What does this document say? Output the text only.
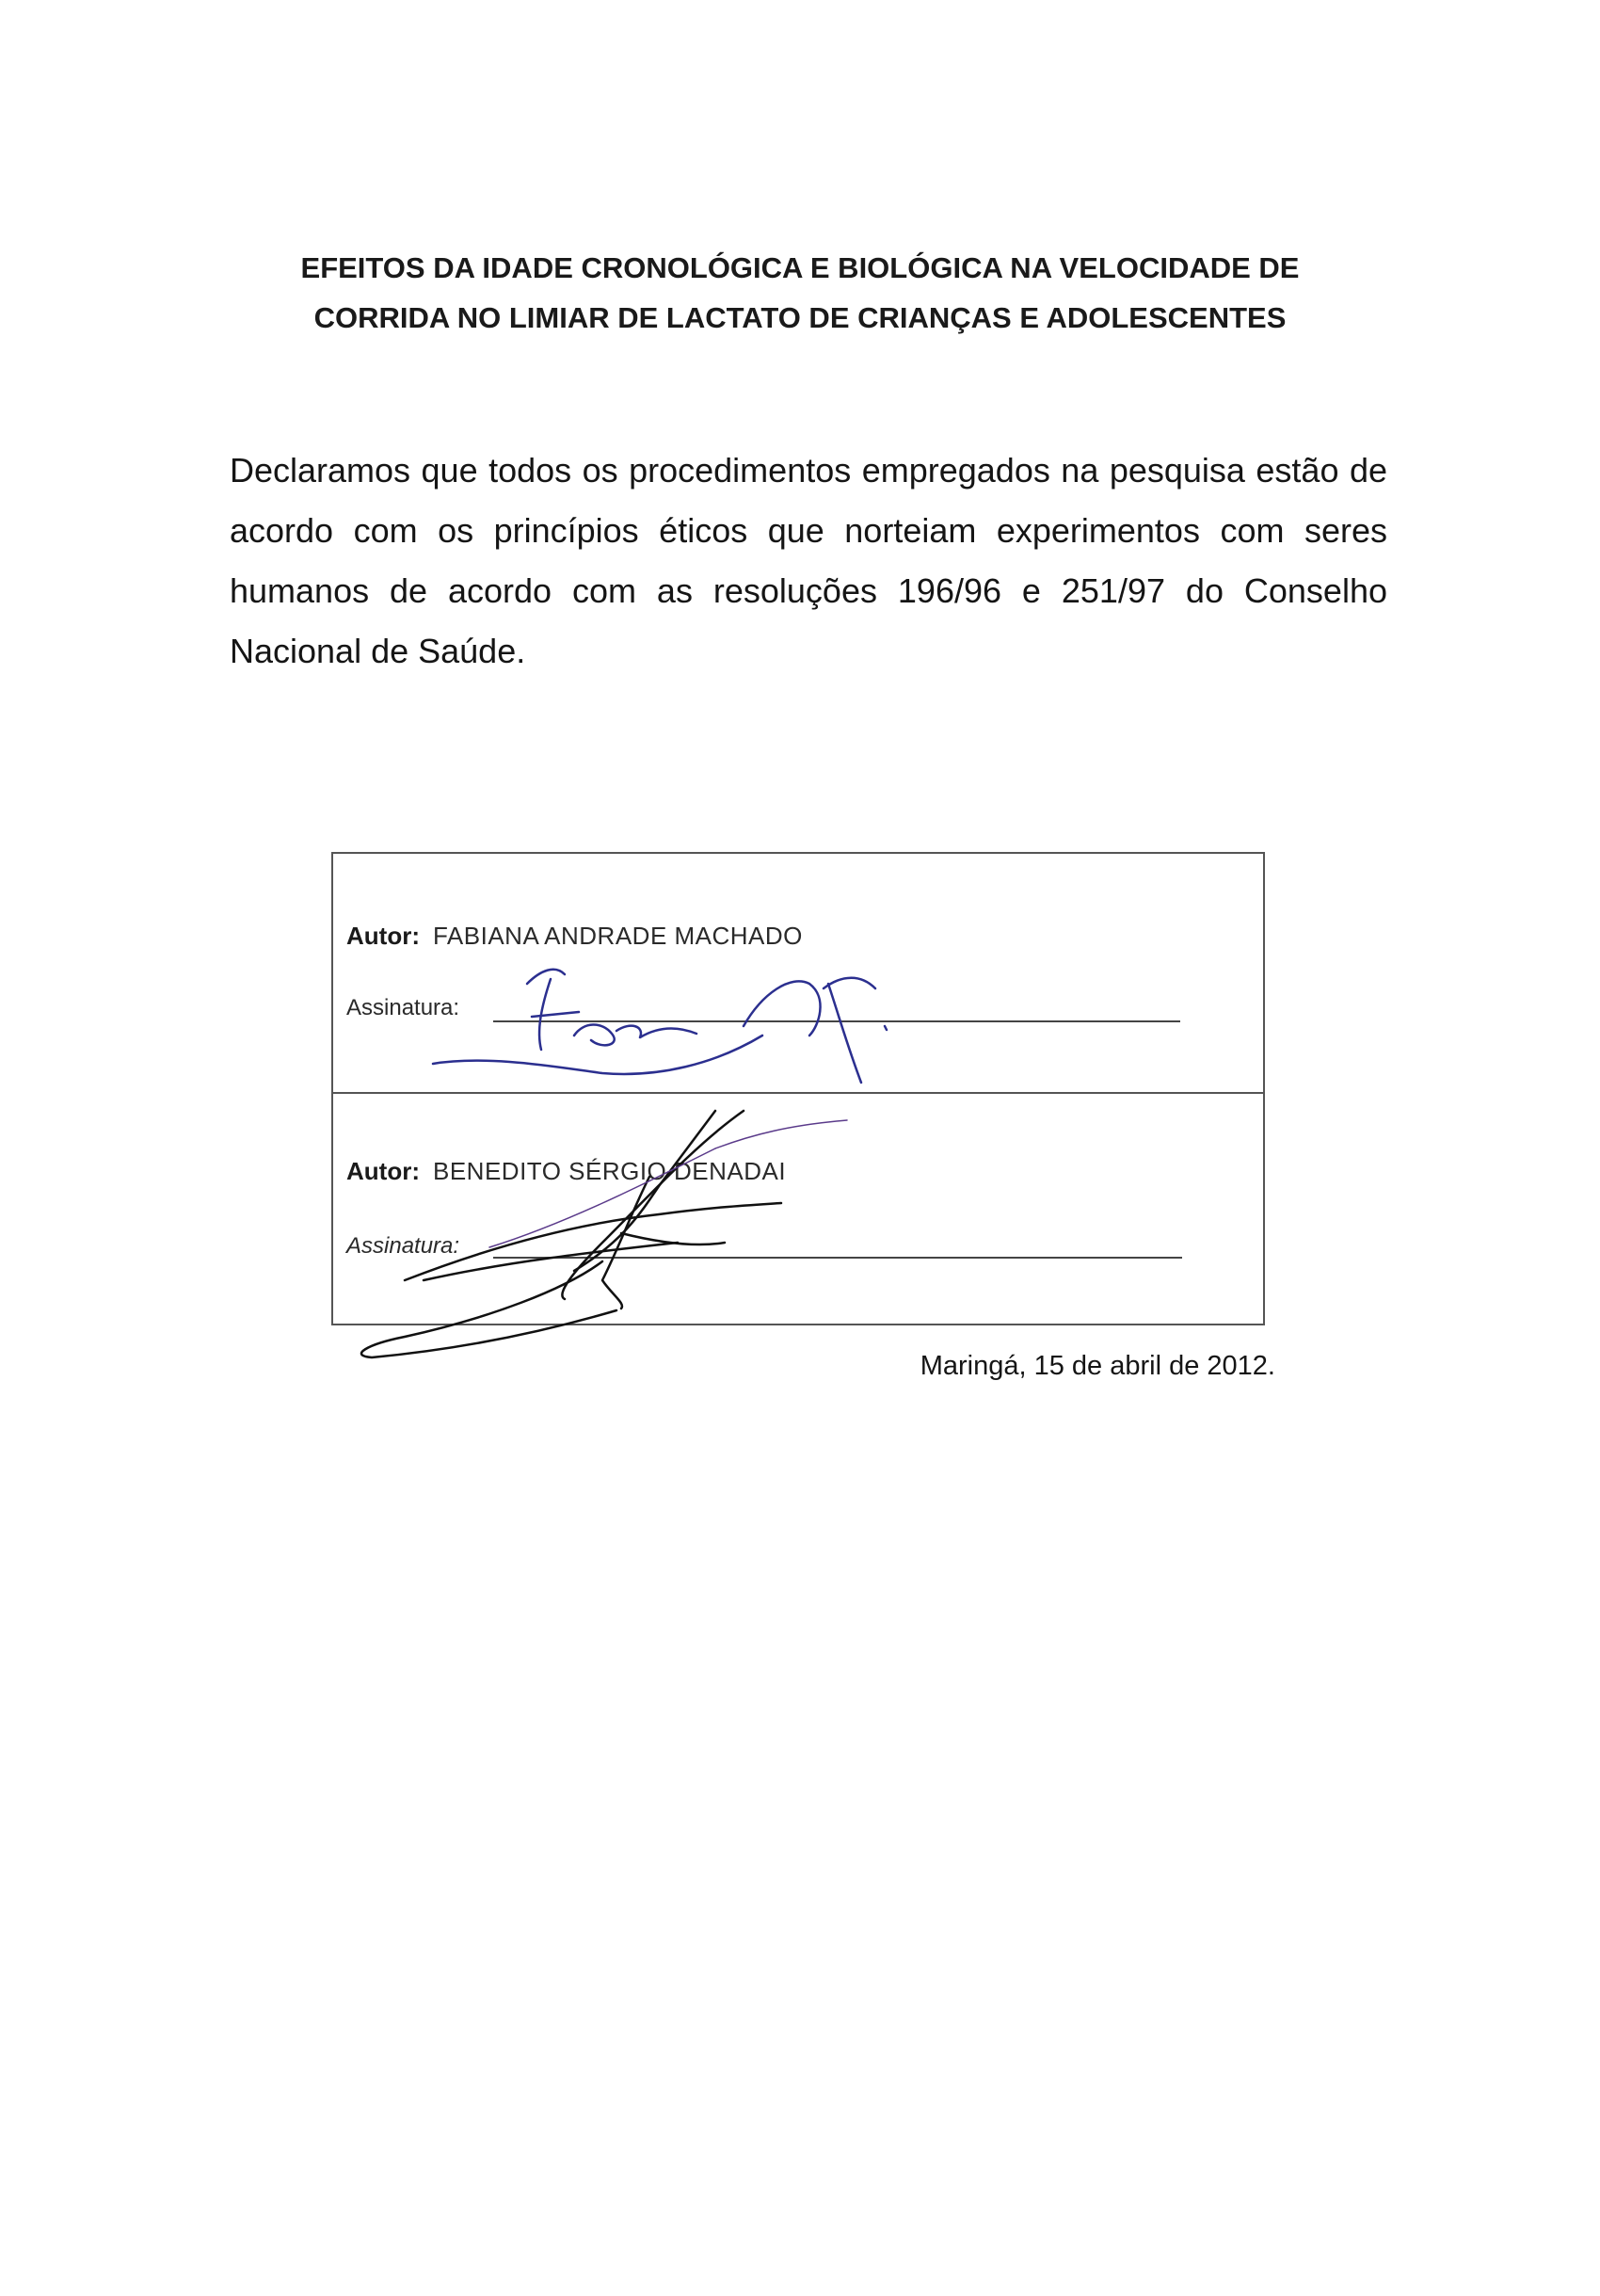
EFEITOS DA IDADE CRONOLÓGICA E BIOLÓGICA NA VELOCIDADE DE
CORRIDA NO LIMIAR DE LACTATO DE CRIANÇAS E ADOLESCENTES
Declaramos que todos os procedimentos empregados na pesquisa estão de acordo com os princípios éticos que norteiam experimentos com seres humanos de acordo com as resoluções 196/96 e 251/97 do Conselho Nacional de Saúde.
Autor: FABIANA ANDRADE MACHADO
Assinatura:
Autor: BENEDITO SÉRGIO DENADAI
Assinatura:
Maringá, 15 de abril de 2012.
